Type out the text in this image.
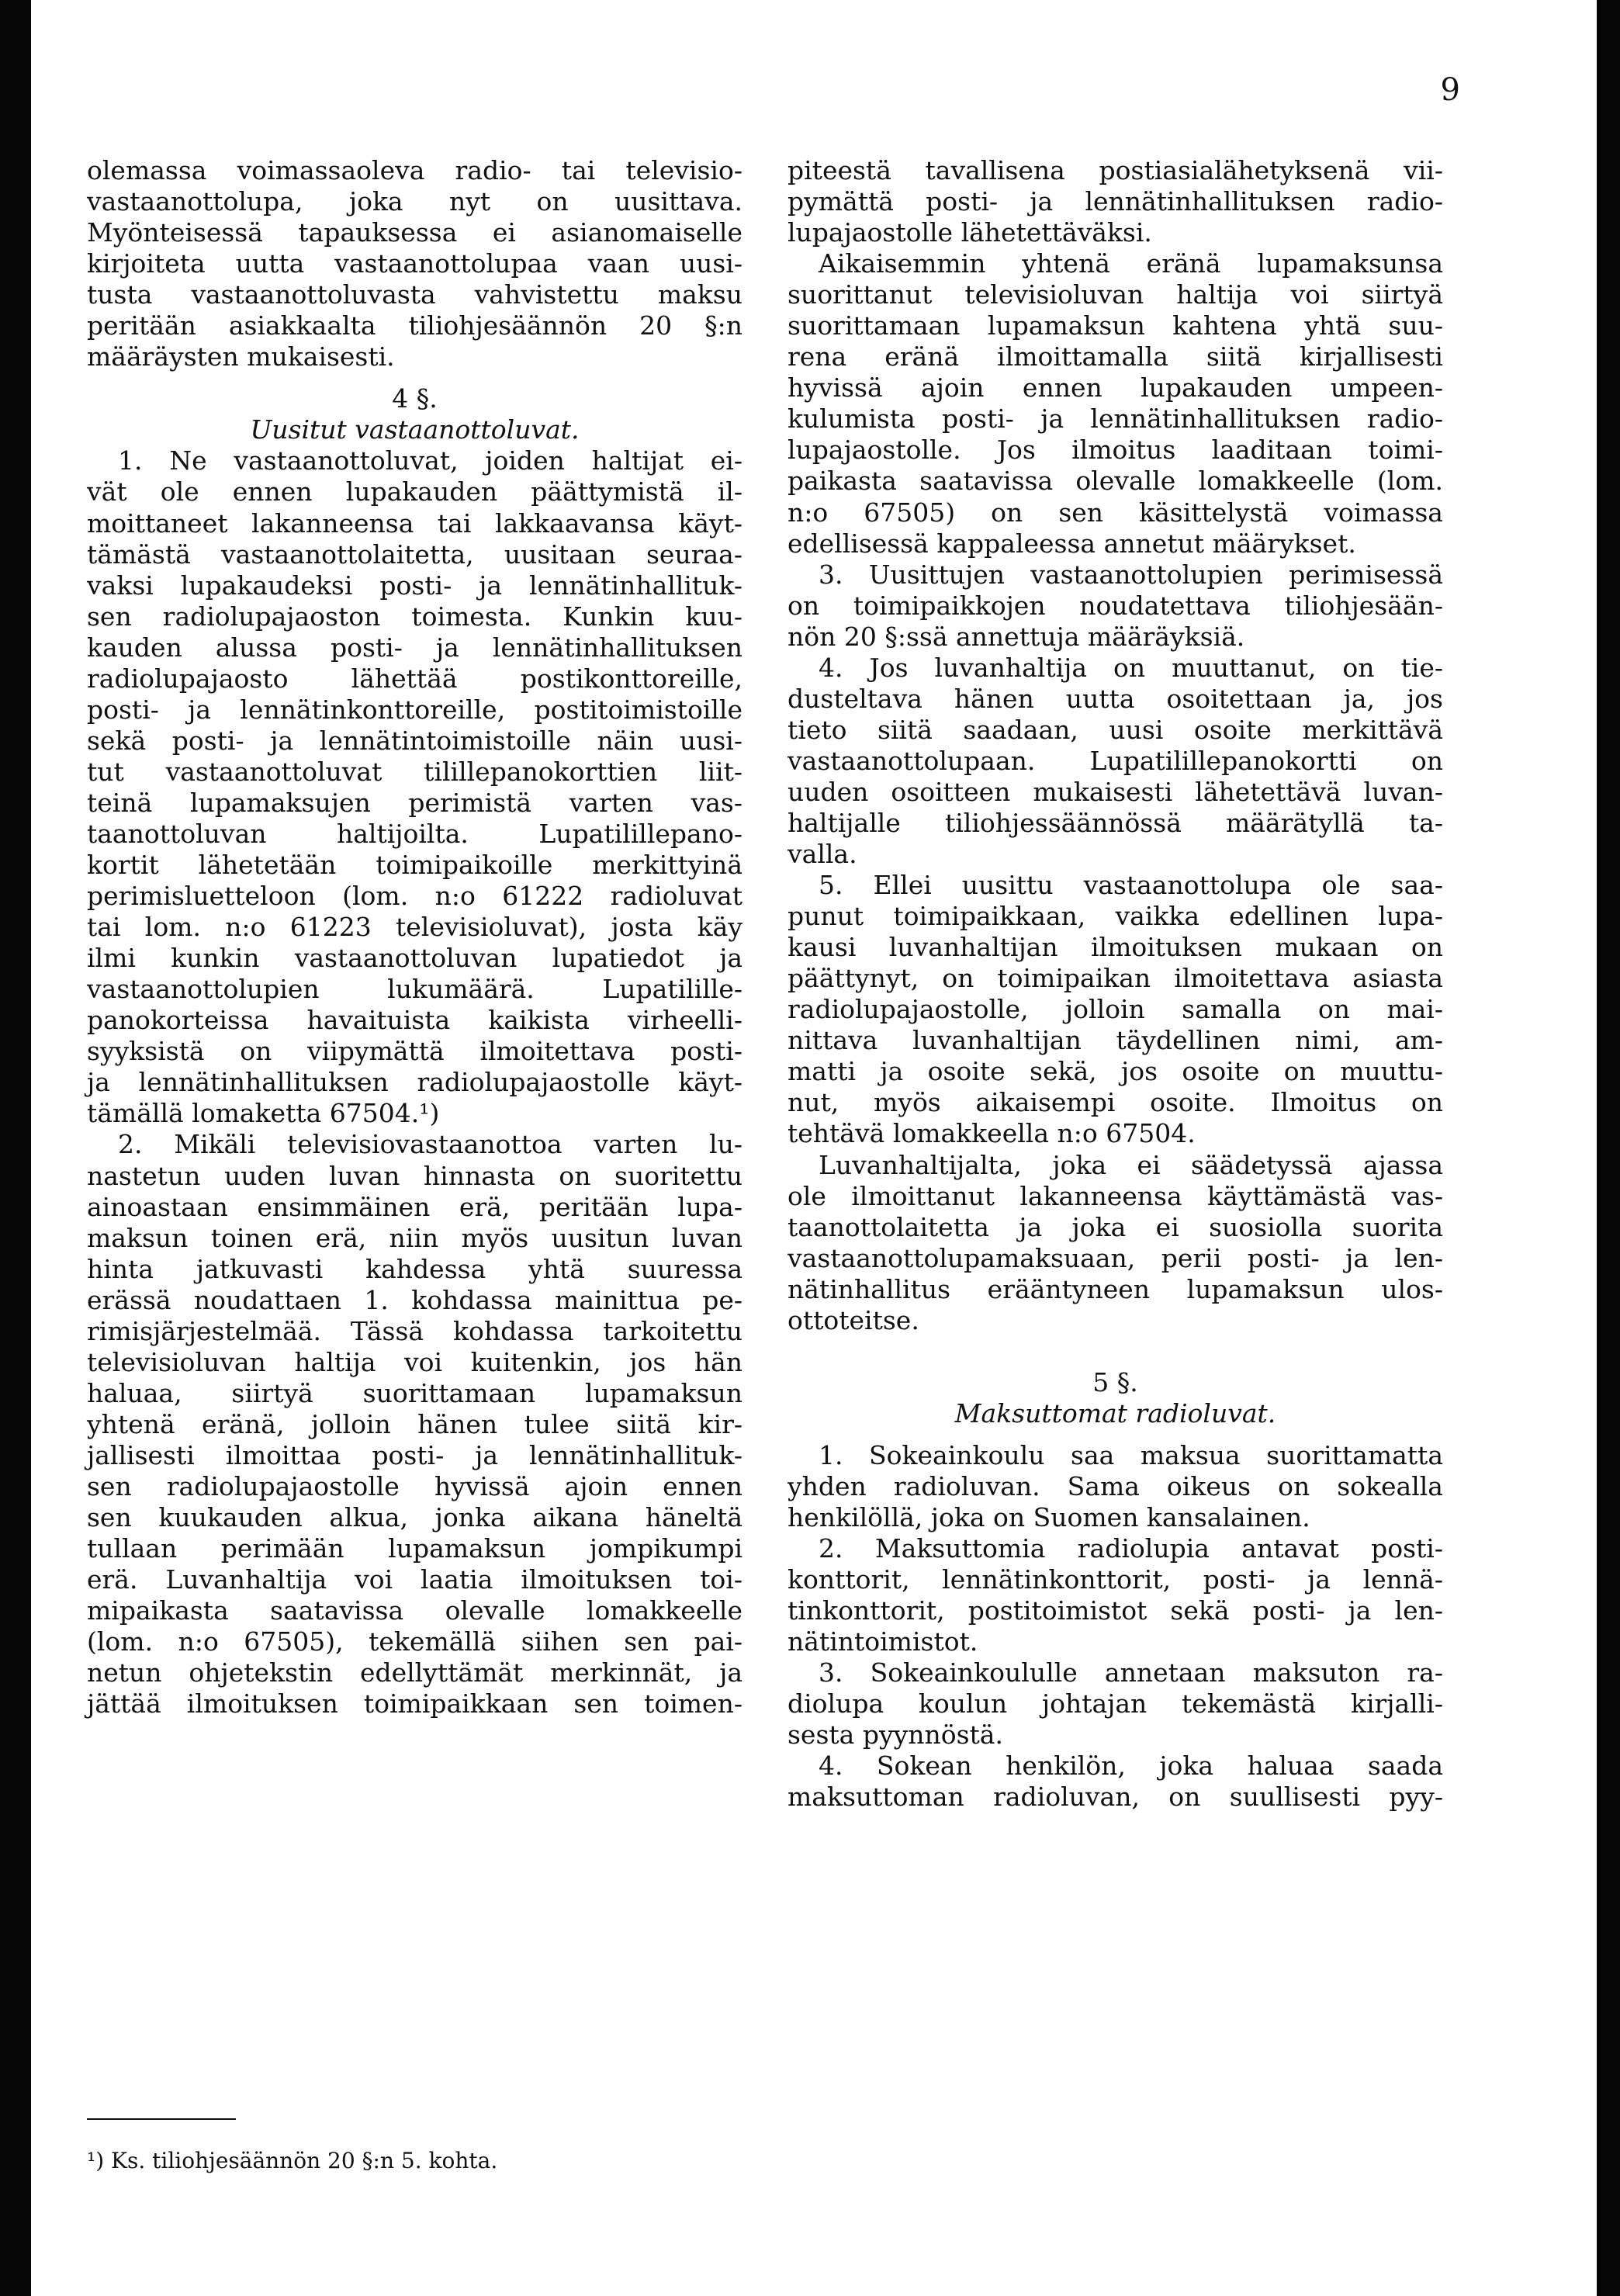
9
olemassa voimassaoleva radio- tai televisio-
vastaanottolupa, joka nyt on uusittava.
Myönteisessä tapauksessa ei asianomaiselle
kirjoiteta uutta vastaanottolupaa vaan uusi-
tusta vastaanottoluvasta vahvistettu maksu
peritään asiakkaalta tiliohjesäännön 20 §:n
määräysten mukaisesti.
4 §.
Uusitut vastaanottoluvat.
1. Ne vastaanottoluvat, joiden haltijat ei-
vät ole ennen lupakauden päättymistä il-
moittaneet lakanneensa tai lakkaavansa käyt-
tämästä vastaanottolaitetta, uusitaan seuraa-
vaksi lupakaudeksi posti- ja lennätinhallituk-
sen radiolupajaoston toimesta. Kunkin kuu-
kauden alussa posti- ja lennätinhallituksen
radiolupajaosto lähettää postikonttoreille,
posti- ja lennätinkonttoreille, postitoimistoille
sekä posti- ja lennätintoimistoille näin uusi-
tut vastaanottoluvat tilillepanokorttien liit-
teinä lupamaksujen perimistä varten vas-
taanottoluvan haltijoilta. Lupatilillepano-
kortit lähetetään toimipaikoille merkittyinä
perimisluetteloon (lom. n:o 61222 radioluvat
tai lom. n:o 61223 televisioluvat), josta käy
ilmi kunkin vastaanottoluvan lupatiedot ja
vastaanottolupien lukumäärä. Lupatilille-
panokorteissa havaituista kaikista virheelli-
syyksistä on viipymättä ilmoitettava posti-
ja lennätinhallituksen radiolupajaostolle käyt-
tämällä lomaketta 67504.¹)
2. Mikäli televisiovastaanottoa varten lu-
nastetun uuden luvan hinnasta on suoritettu
ainoastaan ensimmäinen erä, peritään lupa-
maksun toinen erä, niin myös uusitun luvan
hinta jatkuvasti kahdessa yhtä suuressa
erässä noudattaen 1. kohdassa mainittua pe-
rimisjärjestelmää. Tässä kohdassa tarkoitettu
televisioluvan haltija voi kuitenkin, jos hän
haluaa, siirtyä suorittamaan lupamaksun
yhtenä eränä, jolloin hänen tulee siitä kir-
jallisesti ilmoittaa posti- ja lennätinhallituk-
sen radiolupajaostolle hyvissä ajoin ennen
sen kuukauden alkua, jonka aikana häneltä
tullaan perimään lupamaksun jompikumpi
erä. Luvanhaltija voi laatia ilmoituksen toi-
mipaikasta saatavissa olevalle lomakkeelle
(lom. n:o 67505), tekemällä siihen sen pai-
netun ohjetekstin edellyttämät merkinnät, ja
jättää ilmoituksen toimipaikkaan sen toimen-
piteestä tavallisena postiasialähetyksenä vii-
pymättä posti- ja lennätinhallituksen radio-
lupajaostolle lähetettäväksi.
Aikaisemmin yhtenä eränä lupamaksunsa
suorittanut televisioluvan haltija voi siirtyä
suorittamaan lupamaksun kahtena yhtä suu-
rena eränä ilmoittamalla siitä kirjallisesti
hyvissä ajoin ennen lupakauden umpeen-
kulumista posti- ja lennätinhallituksen radio-
lupajaostolle. Jos ilmoitus laaditaan toimi-
paikasta saatavissa olevalle lomakkeelle (lom.
n:o 67505) on sen käsittelystä voimassa
edellisessä kappaleessa annetut määrykset.
3. Uusittujen vastaanottolupien perimisessä
on toimipaikkojen noudatettava tiliohjesään-
nön 20 §:ssä annettuja määräyksiä.
4. Jos luvanhaltija on muuttanut, on tie-
dusteltava hänen uutta osoitettaan ja, jos
tieto siitä saadaan, uusi osoite merkittävä
vastaanottolupaan. Lupatilillepanokortti on
uuden osoitteen mukaisesti lähetettävä luvan-
haltijalle tiliohjessäännössä määrätyllä ta-
valla.
5. Ellei uusittu vastaanottolupa ole saa-
punut toimipaikkaan, vaikka edellinen lupa-
kausi luvanhaltijan ilmoituksen mukaan on
päättynyt, on toimipaikan ilmoitettava asiasta
radiolupajaostolle, jolloin samalla on mai-
nittava luvanhaltijan täydellinen nimi, am-
matti ja osoite sekä, jos osoite on muuttu-
nut, myös aikaisempi osoite. Ilmoitus on
tehtävä lomakkeella n:o 67504.
Luvanhaltijalta, joka ei säädetyssä ajassa
ole ilmoittanut lakanneensa käyttämästä vas-
taanottolaitetta ja joka ei suosiolla suorita
vastaanottolupamaksuaan, perii posti- ja len-
nätinhallitus erääntyneen lupamaksun ulos-
ottoteitse.
5 §.
Maksuttomat radioluvat.
1. Sokeainkoulu saa maksua suorittamatta
yhden radioluvan. Sama oikeus on sokealla
henkilöllä, joka on Suomen kansalainen.
2. Maksuttomia radiolupia antavat posti-
konttorit, lennätinkonttorit, posti- ja lennä-
tinkonttorit, postitoimistot sekä posti- ja len-
nätintoimistot.
3. Sokeainkoululle annetaan maksuton ra-
diolupa koulun johtajan tekemästä kirjalli-
sesta pyynnöstä.
4. Sokean henkilön, joka haluaa saada
maksuttoman radioluvan, on suullisesti pyy-
¹) Ks. tiliohjesäännön 20 §:n 5. kohta.
